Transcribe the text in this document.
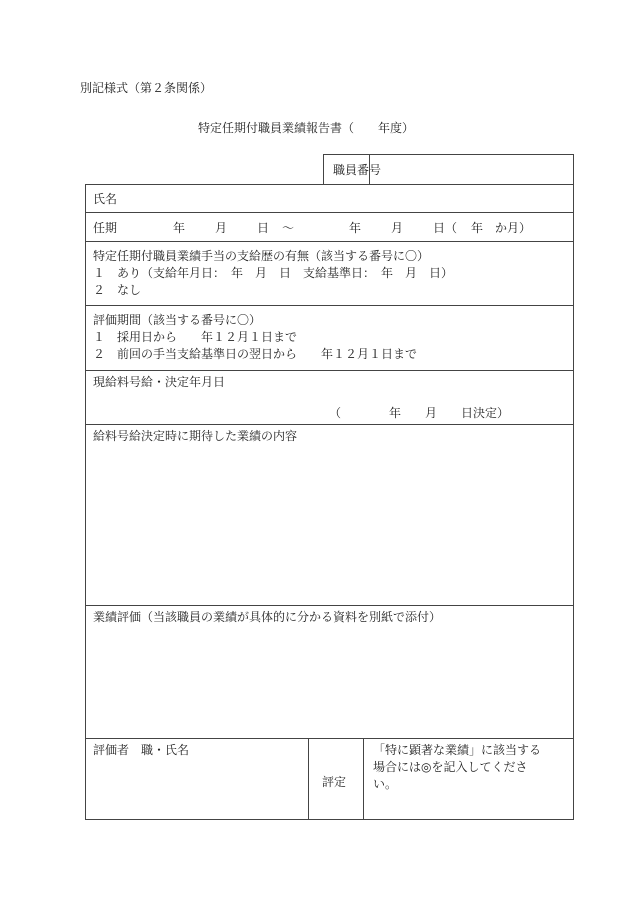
別記様式（第２条関係）
特定任期付職員業績報告書（　　年度）
職員番号
氏名
任期	年 月 日 〜	年 月 日（ 年　か月）
特定任期付職員業績手当の支給歴の有無（該当する番号に〇）
１　あり（支給年月日：　年　月　日　支給基準日：　年　月　日）
２　なし
評価期間（該当する番号に〇）
１　採用日から　　年１２月１日まで
２　前回の手当支給基準日の翌日から　　年１２月１日まで
現給料号給・決定年月日
（　　　　年　　月　　日決定）
給料号給決定時に期待した業績の内容
業績評価（当該職員の業績が具体的に分かる資料を別紙で添付）
評価者　職・氏名
評定
「特に顕著な業績」に該当する
場合には◎を記入してくださ
い。
